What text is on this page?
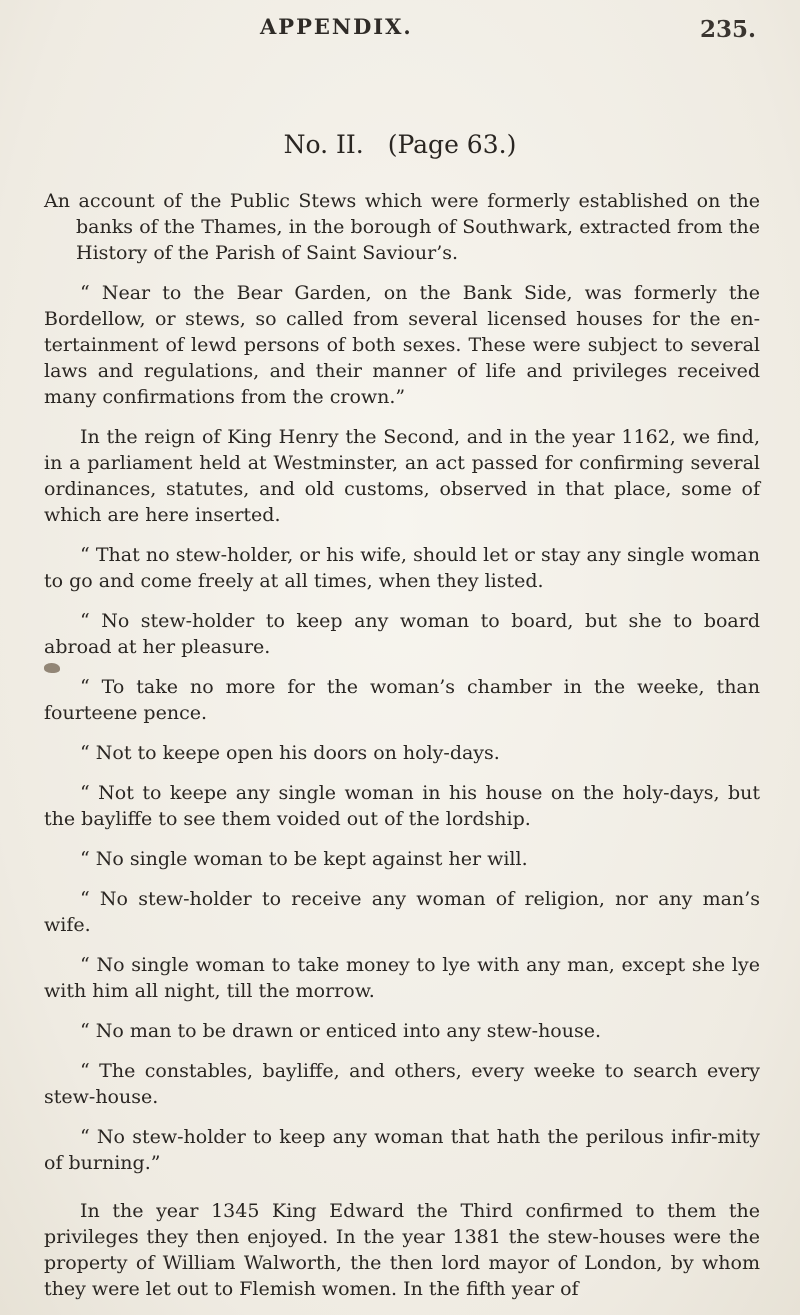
APPENDIX.	235.
No. II. (Page 63.)

An account of the Public Stews which were formerly established on the banks of the Thames, in the borough of Southwark, extracted from the History of the Parish of Saint Saviour’s.

“ Near to the Bear Garden, on the Bank Side, was formerly the Bordellow, or stews, so called from several licensed houses for the en-tertainment of lewd persons of both sexes. These were subject to several laws and regulations, and their manner of life and privileges received many confirmations from the crown.”

In the reign of King Henry the Second, and in the year 1162, we find, in a parliament held at Westminster, an act passed for confirming several ordinances, statutes, and old customs, observed in that place, some of which are here inserted.

“ That no stew-holder, or his wife, should let or stay any single woman to go and come freely at all times, when they listed.

“ No stew-holder to keep any woman to board, but she to board abroad at her pleasure.

“ To take no more for the woman’s chamber in the weeke, than fourteene pence.

“ Not to keepe open his doors on holy-days.

“ Not to keepe any single woman in his house on the holy-days, but the bayliffe to see them voided out of the lordship.

“ No single woman to be kept against her will.

“ No stew-holder to receive any woman of religion, nor any man’s wife.

“ No single woman to take money to lye with any man, except she lye with him all night, till the morrow.

“ No man to be drawn or enticed into any stew-house.

“ The constables, bayliffe, and others, every weeke to search every stew-house.

“ No stew-holder to keep any woman that hath the perilous infir-mity of burning.”

In the year 1345 King Edward the Third confirmed to them the privileges they then enjoyed. In the year 1381 the stew-houses were the property of William Walworth, the then lord mayor of London, by whom they were let out to Flemish women. In the fifth year of
